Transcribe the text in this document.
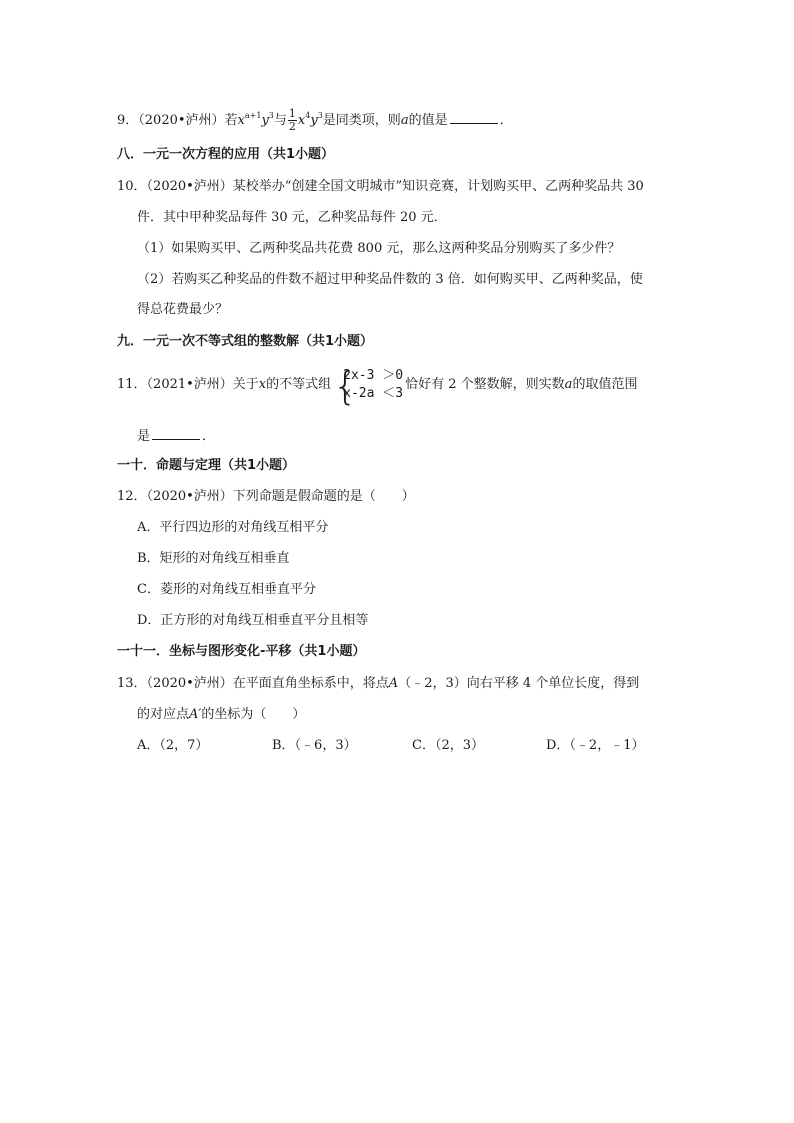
9．（2020•泸州）若$x^{a+1}y^3$与 $\frac{1}{2} x^4y^3$是同类项，则a的值是	．
八．一元一次方程的应用（共1小题）
10．（2020•泸州）某校举办“创建全国文明城市”知识竞赛，计划购买甲、乙两种奖品共 30
件．其中甲种奖品每件 30 元，乙种奖品每件 20 元．
（1）如果购买甲、乙两种奖品共花费 800 元，那么这两种奖品分别购买了多少件？
（2）若购买乙种奖品的件数不超过甲种奖品件数的 3 倍．如何购买甲、乙两种奖品，使
得总花费最少？
九．一元一次不等式组的整数解（共1小题）
11．（2021•泸州）关于x的不等式组 {
2x-3 ＞0
x-2a ＜3
恰好有 2 个整数解，则实数a的取值范围
是	．
一十．命题与定理（共1小题）
12．（2020•泸州）下列命题是假命题的是（　　）
A．平行四边形的对角线互相平分
B．矩形的对角线互相垂直
C．菱形的对角线互相垂直平分
D．正方形的对角线互相垂直平分且相等
一十一．坐标与图形变化-平移（共1小题）
13．（2020•泸州）在平面直角坐标系中，将点A（﹣2，3）向右平移 4 个单位长度，得到
的对应点A′的坐标为（　　）
A．（2，7）	B．（﹣6，3）	C．（2，3）	D．（﹣2，﹣1）
